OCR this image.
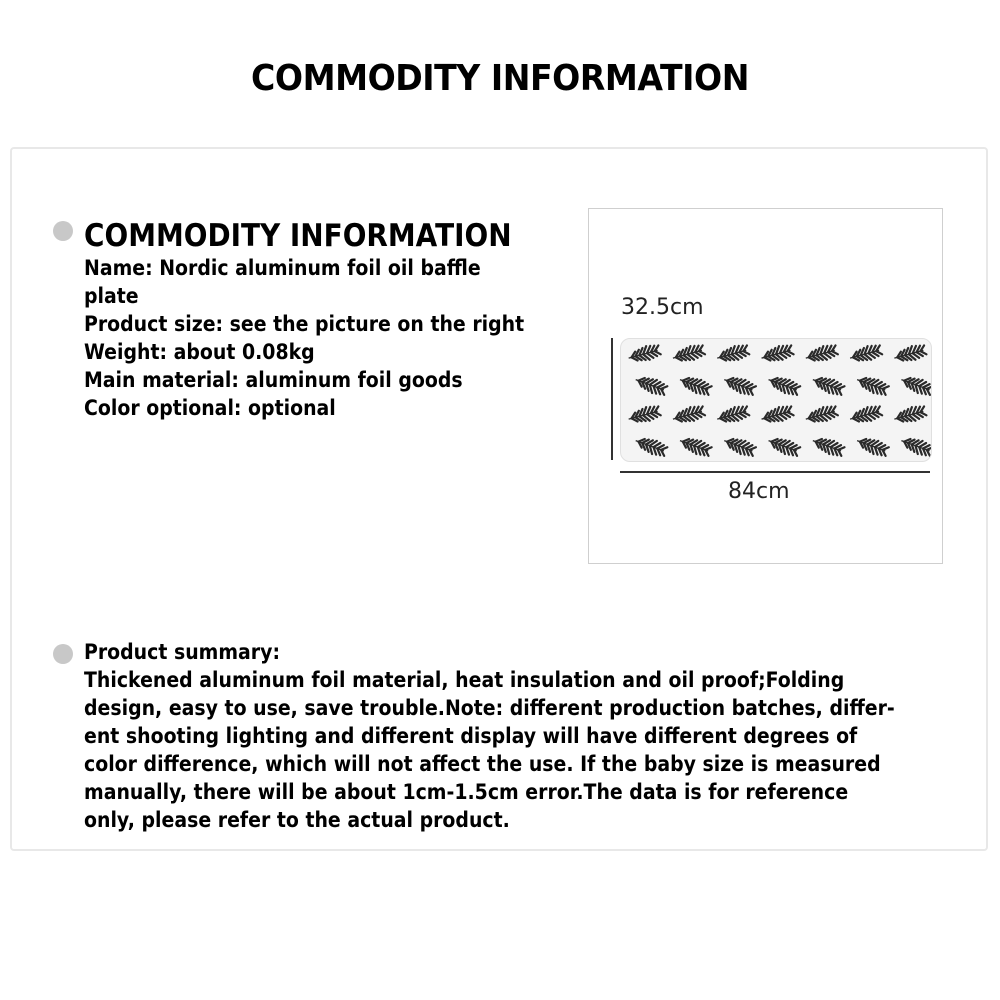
COMMODITY INFORMATION
COMMODITY INFORMATION
Name: Nordic aluminum foil oil baffle
plate
Product size: see the picture on the right
Weight: about 0.08kg
Main material: aluminum foil goods
Color optional: optional
32.5cm
84cm
Product summary:
Thickened aluminum foil material, heat insulation and oil proof;Folding
design, easy to use, save trouble.Note: different production batches, differ-
ent shooting lighting and different display will have different degrees of
color difference, which will not affect the use. If the baby size is measured
manually, there will be about 1cm-1.5cm error.The data is for reference
only, please refer to the actual product.
